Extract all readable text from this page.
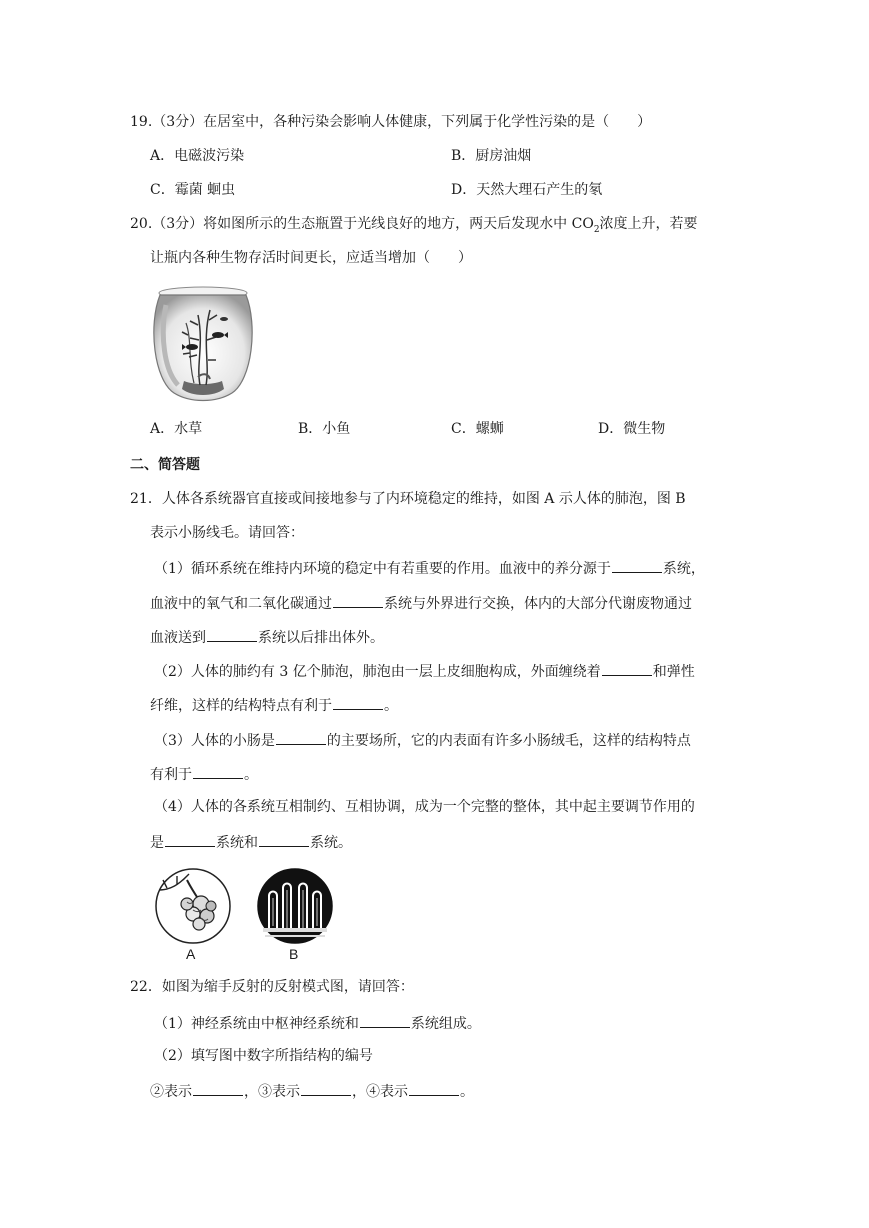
19.（3分）在居室中，各种污染会影响人体健康，下列属于化学性污染的是（　　）
A．电磁波污染	B．厨房油烟
C．霉菌 蛔虫	D．天然大理石产生的氡
20.（3分）将如图所示的生态瓶置于光线良好的地方，两天后发现水中 $CO_2$浓度上升，若要
让瓶内各种生物存活时间更长，应适当增加（　　）
A．水草	B．小鱼	C．螺蛳	D．微生物
二、简答题
21．人体各系统器官直接或间接地参与了内环境稳定的维持，如图 A 示人体的肺泡，图 B
表示小肠线毛。请回答：
（1）循环系统在维持内环境的稳定中有若重要的作用。血液中的养分源于	系统，
血液中的氧气和二氧化碳通过	系统与外界进行交换，体内的大部分代谢废物通过
血液送到	系统以后排出体外。
（2）人体的肺约有 3 亿个肺泡，肺泡由一层上皮细胞构成，外面缠绕着	和弹性
纤维，这样的结构特点有利于	。
（3）人体的小肠是	的主要场所，它的内表面有许多小肠绒毛，这样的结构特点
有利于	。
（4）人体的各系统互相制约、互相协调，成为一个完整的整体，其中起主要调节作用的
是	系统和	系统。
A	B
22．如图为缩手反射的反射模式图，请回答：
（1）神经系统由中枢神经系统和	系统组成。
（2）填写图中数字所指结构的编号
②表示	，③表示	，④表示	。
